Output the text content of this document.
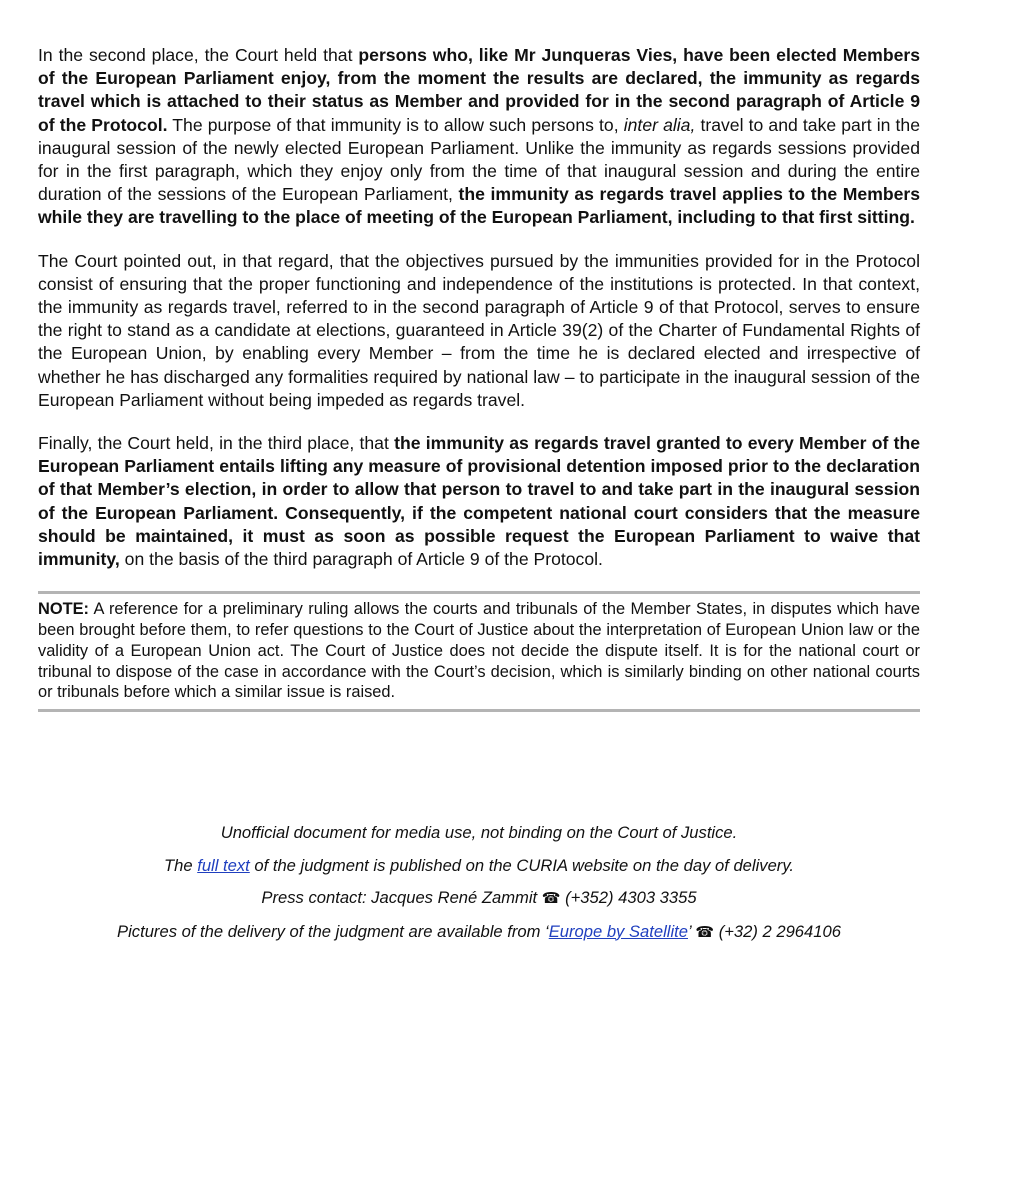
In the second place, the Court held that persons who, like Mr Junqueras Vies, have been elected Members of the European Parliament enjoy, from the moment the results are declared, the immunity as regards travel which is attached to their status as Member and provided for in the second paragraph of Article 9 of the Protocol. The purpose of that immunity is to allow such persons to, inter alia, travel to and take part in the inaugural session of the newly elected European Parliament. Unlike the immunity as regards sessions provided for in the first paragraph, which they enjoy only from the time of that inaugural session and during the entire duration of the sessions of the European Parliament, the immunity as regards travel applies to the Members while they are travelling to the place of meeting of the European Parliament, including to that first sitting.

The Court pointed out, in that regard, that the objectives pursued by the immunities provided for in the Protocol consist of ensuring that the proper functioning and independence of the institutions is protected. In that context, the immunity as regards travel, referred to in the second paragraph of Article 9 of that Protocol, serves to ensure the right to stand as a candidate at elections, guaranteed in Article 39(2) of the Charter of Fundamental Rights of the European Union, by enabling every Member – from the time he is declared elected and irrespective of whether he has discharged any formalities required by national law – to participate in the inaugural session of the European Parliament without being impeded as regards travel.

Finally, the Court held, in the third place, that the immunity as regards travel granted to every Member of the European Parliament entails lifting any measure of provisional detention imposed prior to the declaration of that Member’s election, in order to allow that person to travel to and take part in the inaugural session of the European Parliament. Consequently, if the competent national court considers that the measure should be maintained, it must as soon as possible request the European Parliament to waive that immunity, on the basis of the third paragraph of Article 9 of the Protocol.

NOTE: A reference for a preliminary ruling allows the courts and tribunals of the Member States, in disputes which have been brought before them, to refer questions to the Court of Justice about the interpretation of European Union law or the validity of a European Union act. The Court of Justice does not decide the dispute itself. It is for the national court or tribunal to dispose of the case in accordance with the Court’s decision, which is similarly binding on other national courts or tribunals before which a similar issue is raised.

Unofficial document for media use, not binding on the Court of Justice.

The full text of the judgment is published on the CURIA website on the day of delivery.

Press contact: Jacques René Zammit ☎ (+352) 4303 3355

Pictures of the delivery of the judgment are available from ‘Europe by Satellite’ ☎ (+32) 2 2964106
